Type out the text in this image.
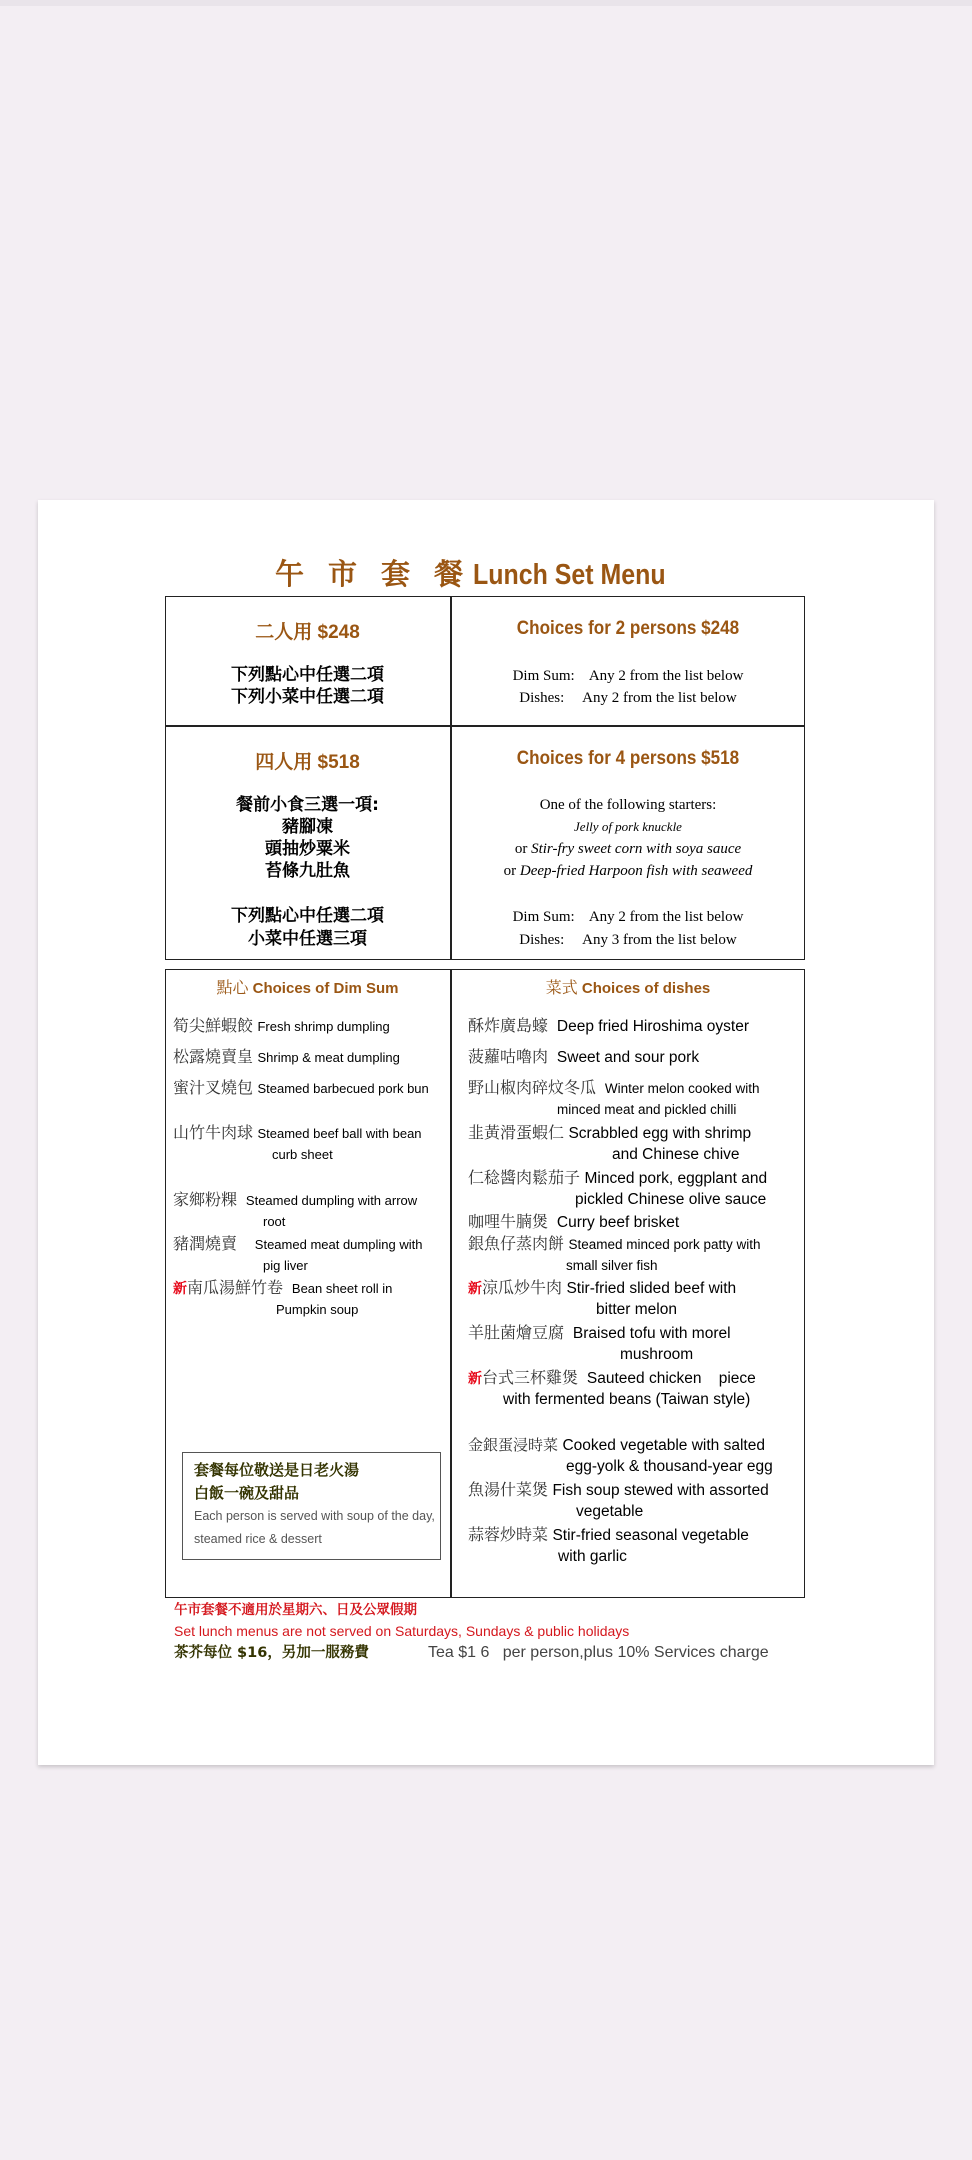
午 市 套 餐Lunch Set Menu
二人用 $248
下列點心中任選二項
下列小菜中任選二項
Choices for 2 persons $248
Dim Sum:    Any 2 from the list below
Dishes:     Any 2 from the list below
四人用 $518
餐前小食三選一項:
豬腳凍
頭抽炒粟米
苔條九肚魚
下列點心中任選二項
小菜中任選三項
Choices for 4 persons $518
One of the following starters:
Jelly of pork knuckle
or Stir-fry sweet corn with soya sauce
or Deep-fried Harpoon fish with seaweed
Dim Sum:    Any 2 from the list below
Dishes:     Any 3 from the list below
點心 Choices of Dim Sum	菜式 Choices of dishes
筍尖鮮蝦餃 Fresh shrimp dumpling
松露燒賣皇 Shrimp & meat dumpling
蜜汁叉燒包 Steamed barbecued pork bun
山竹牛肉球 Steamed beef ball with bean
curb sheet
家鄉粉粿 Steamed dumpling with arrow
root
豬潤燒賣 Steamed meat dumpling with
pig liver
新南瓜湯鮮竹卷 Bean sheet roll in
Pumpkin soup
套餐每位敬送是日老火湯
白飯一碗及甜品
Each person is served with soup of the day,
steamed rice & dessert
酥炸廣島蠔 Deep fried Hiroshima oyster
菠蘿咕嚕肉 Sweet and sour pork
野山椒肉碎炆冬瓜 Winter melon cooked with
minced meat and pickled chilli
韭黃滑蛋蝦仁 Scrabbled egg with shrimp
and Chinese chive
仁稔醬肉鬆茄子 Minced pork, eggplant and
pickled Chinese olive sauce
咖哩牛腩煲 Curry beef brisket
銀魚仔蒸肉餅 Steamed minced pork patty with
small silver fish
新涼瓜炒牛肉 Stir-fried slided beef with
bitter melon
羊肚菌燴豆腐 Braised tofu with morel
mushroom
新台式三杯雞煲 Sauteed chicken    piece
with fermented beans (Taiwan style)
金銀蛋浸時菜 Cooked vegetable with salted
egg-yolk & thousand-year egg
魚湯什菜煲 Fish soup stewed with assorted
vegetable
蒜蓉炒時菜 Stir-fried seasonal vegetable
with garlic
午市套餐不適用於星期六、日及公眾假期
Set lunch menus are not served on Saturdays, Sundays & public holidays
茶芥每位 $16，另加一服務費	Tea $1 6   per person,plus 10% Services charge
